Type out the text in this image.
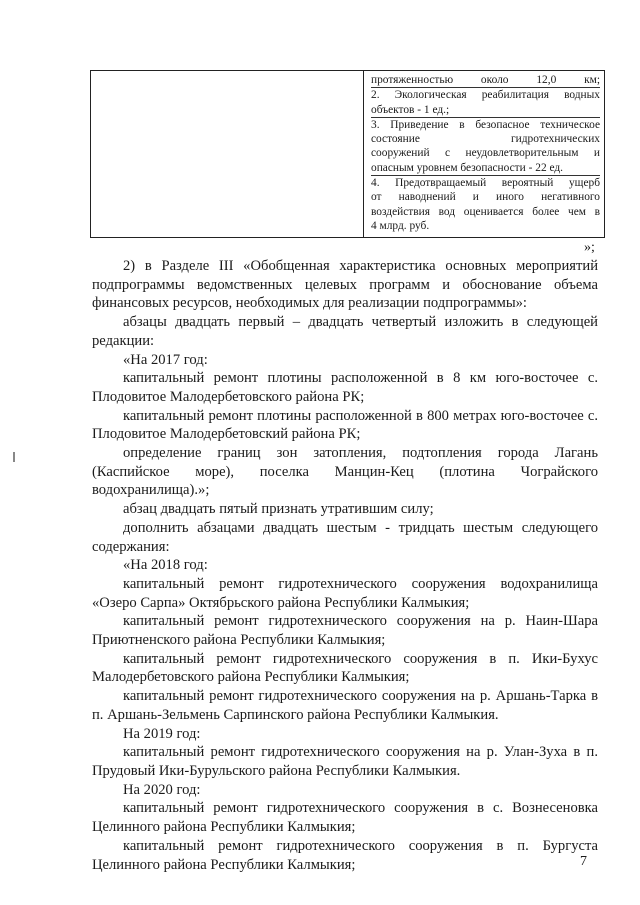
протяженностью около 12,0 км;
2. Экологическая реабилитация водных
объектов - 1 ед.;
3. Приведение в безопасное техническое
состояние гидротехнических
сооружений с неудовлетворительным и
опасным уровнем безопасности - 22 ед.
4. Предотвращаемый вероятный ущерб
от наводнений и иного негативного
воздействия вод оценивается более чем в
4 млрд. руб.
»;

2) в Разделе III «Обобщенная характеристика основных мероприятий подпрограммы ведомственных целевых программ и обоснование объема финансовых ресурсов, необходимых для реализации подпрограммы»:

абзацы двадцать первый – двадцать четвертый изложить в следующей редакции:

«На 2017 год:

капитальный ремонт плотины расположенной в 8 км юго-восточее с. Плодовитое Малодербетовского района РК;

капитальный ремонт плотины расположенной в 800 метрах юго-восточее с. Плодовитое Малодербетовский района РК;

определение границ зон затопления, подтопления города Лагань (Каспийское море), поселка Манцин-Кец (плотина Чограйского водохранилища).»;

абзац двадцать пятый признать утратившим силу;

дополнить абзацами двадцать шестым - тридцать шестым следующего содержания:

«На 2018 год:

капитальный ремонт гидротехнического сооружения водохранилища «Озеро Сарпа» Октябрьского района Республики Калмыкия;

капитальный ремонт гидротехнического сооружения на р. Наин-Шара Приютненского района Республики Калмыкия;

капитальный ремонт гидротехнического сооружения в п. Ики-Бухус Малодербетовского района Республики Калмыкия;

капитальный ремонт гидротехнического сооружения на р. Аршань-Тарка в п. Аршань-Зельмень Сарпинского района Республики Калмыкия.

На 2019 год:

капитальный ремонт гидротехнического сооружения на р. Улан-Зуха в п. Прудовый Ики-Бурульского района Республики Калмыкия.

На 2020 год:

капитальный ремонт гидротехнического сооружения в с. Вознесеновка Целинного района Республики Калмыкия;

капитальный ремонт гидротехнического сооружения в п. Бургуста Целинного района Республики Калмыкия;	7
